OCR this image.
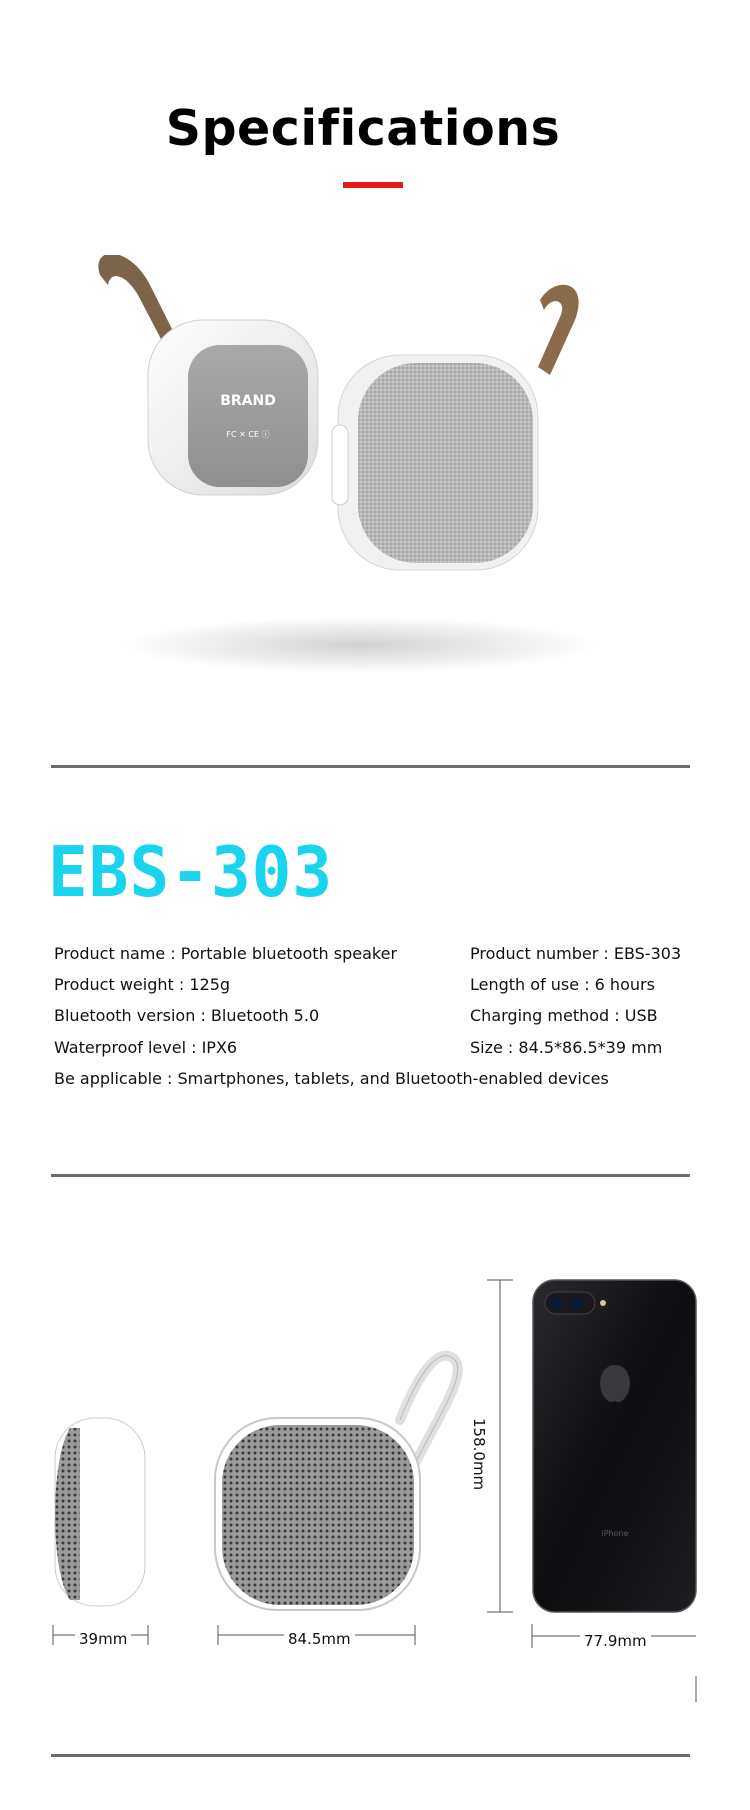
Specifications
BRAND
FC ✕ CE ⓘ
EBS-303
Product name : Portable bluetooth speaker	Product number : EBS-303
Product weight : 125g	Length of use : 6 hours
Bluetooth version : Bluetooth 5.0	Charging method : USB
Waterproof level : IPX6	Size : 84.5*86.5*39 mm
Be applicable : Smartphones, tablets, and Bluetooth-enabled devices
iPhone
39mm	84.5mm	77.9mm
158.0mm
